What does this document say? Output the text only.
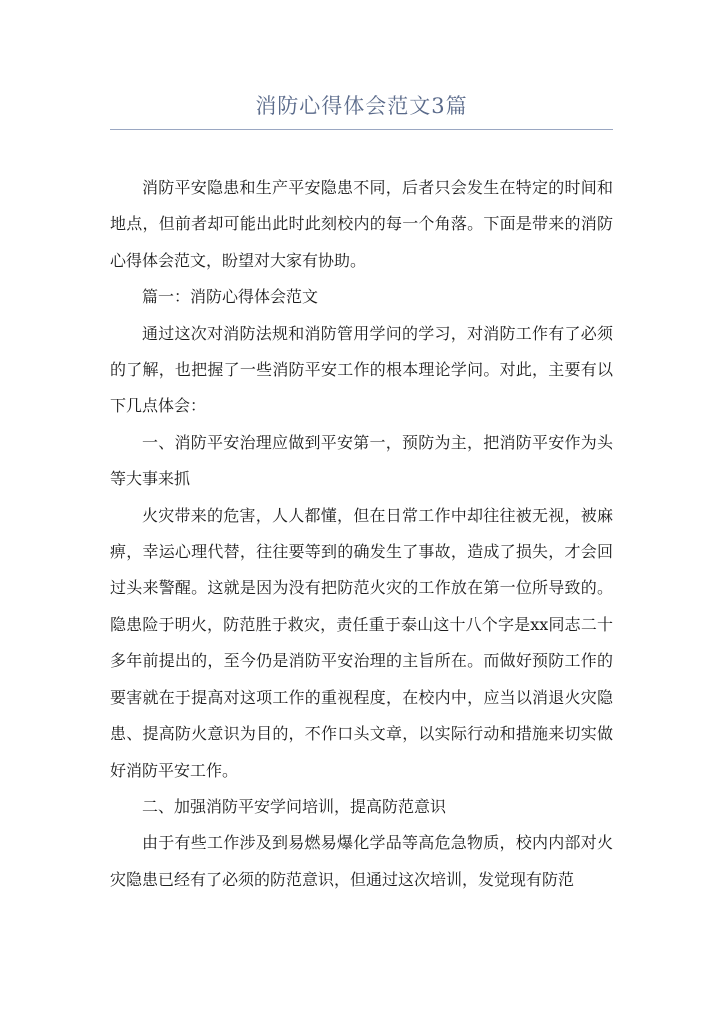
消防心得体会范文3篇

消防平安隐患和生产平安隐患不同，后者只会发生在特定的时间和地点，但前者却可能出此时此刻校内的每一个角落。下面是带来的消防心得体会范文，盼望对大家有协助。

篇一：消防心得体会范文

通过这次对消防法规和消防管用学问的学习，对消防工作有了必须的了解，也把握了一些消防平安工作的根本理论学问。对此，主要有以下几点体会：

一、消防平安治理应做到平安第一，预防为主，把消防平安作为头等大事来抓

火灾带来的危害，人人都懂，但在日常工作中却往往被无视，被麻痹，幸运心理代替，往往要等到的确发生了事故，造成了损失，才会回过头来警醒。这就是因为没有把防范火灾的工作放在第一位所导致的。隐患险于明火，防范胜于救灾，责任重于泰山这十八个字是xx同志二十多年前提出的，至今仍是消防平安治理的主旨所在。而做好预防工作的要害就在于提高对这项工作的重视程度，在校内中，应当以消退火灾隐患、提高防火意识为目的，不作口头文章，以实际行动和措施来切实做好消防平安工作。

二、加强消防平安学问培训，提高防范意识

由于有些工作涉及到易燃易爆化学品等高危急物质，校内内部对火灾隐患已经有了必须的防范意识，但通过这次培训，发觉现有防范
